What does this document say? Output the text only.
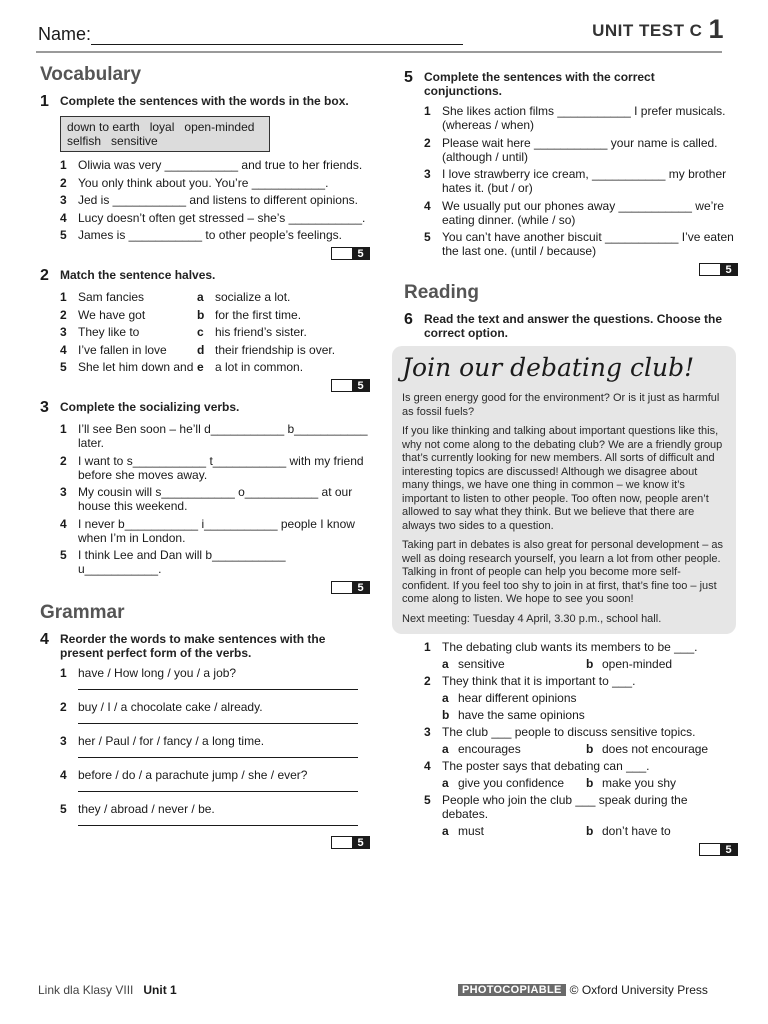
Name:	UNIT TEST C 1
Vocabulary
1 Complete the sentences with the words in the box.
down to earth   loyal   open-minded
selfish   sensitive
1 Oliwia was very ___________ and true to her friends.
2 You only think about you. You’re ___________.
3 Jed is ___________ and listens to different opinions.
4 Lucy doesn’t often get stressed – she’s ___________.
5 James is ___________ to other people’s feelings.
5
2 Match the sentence halves.
1 Sam fancies	a socialize a lot.
2 We have got	b for the first time.
3 They like to	c his friend’s sister.
4 I’ve fallen in love	d their friendship is over.
5 She let him down and e a lot in common.
5
3 Complete the socializing verbs.
1 I’ll see Ben soon – he’ll d___________ b___________ later.
2 I want to s___________ t___________ with my friend before she moves away.
3 My cousin will s___________ o___________ at our house this weekend.
4 I never b___________ i___________ people I know when I’m in London.
5 I think Lee and Dan will b___________ u___________.
5
Grammar
4 Reorder the words to make sentences with the present perfect form of the verbs.
1 have / How long / you / a job?
2 buy / I / a chocolate cake / already.
3 her / Paul / for / fancy / a long time.
4 before / do / a parachute jump / she / ever?
5 they / abroad / never / be.
5
5 Complete the sentences with the correct conjunctions.
1 She likes action films ___________ I prefer musicals. (whereas / when)
2 Please wait here ___________ your name is called. (although / until)
3 I love strawberry ice cream, ___________ my brother hates it. (but / or)
4 We usually put our phones away ___________ we’re eating dinner. (while / so)
5 You can’t have another biscuit ___________ I’ve eaten the last one. (until / because)
5
Reading
6 Read the text and answer the questions. Choose the correct option.
Join our debating club!

Is green energy good for the environment? Or is it just as harmful as fossil fuels?

If you like thinking and talking about important questions like this, why not come along to the debating club? We are a friendly group that’s currently looking for new members. All sorts of difficult and interesting topics are discussed! Although we disagree about many things, we have one thing in common – we know it’s important to listen to other people. Too often now, people aren’t allowed to say what they think. But we believe that there are always two sides to a question.

Taking part in debates is also great for personal development – as well as doing research yourself, you learn a lot from other people. Talking in front of people can help you become more self-confident. If you feel too shy to join in at first, that’s fine too – just come along to listen. We hope to see you soon!

Next meeting: Tuesday 4 April, 3.30 p.m., school hall.

1 The debating club wants its members to be ___.
a sensitive	b open-minded
2 They think that it is important to ___.
a hear different opinions
b have the same opinions
3 The club ___ people to discuss sensitive topics.
a encourages	b does not encourage
4 The poster says that debating can ___.
a give you confidence	b make you shy
5 People who join the club ___ speak during the debates.
a must	b don’t have to
5
Link dla Klasy VIII Unit 1	PHOTOCOPIABLE © Oxford University Press
